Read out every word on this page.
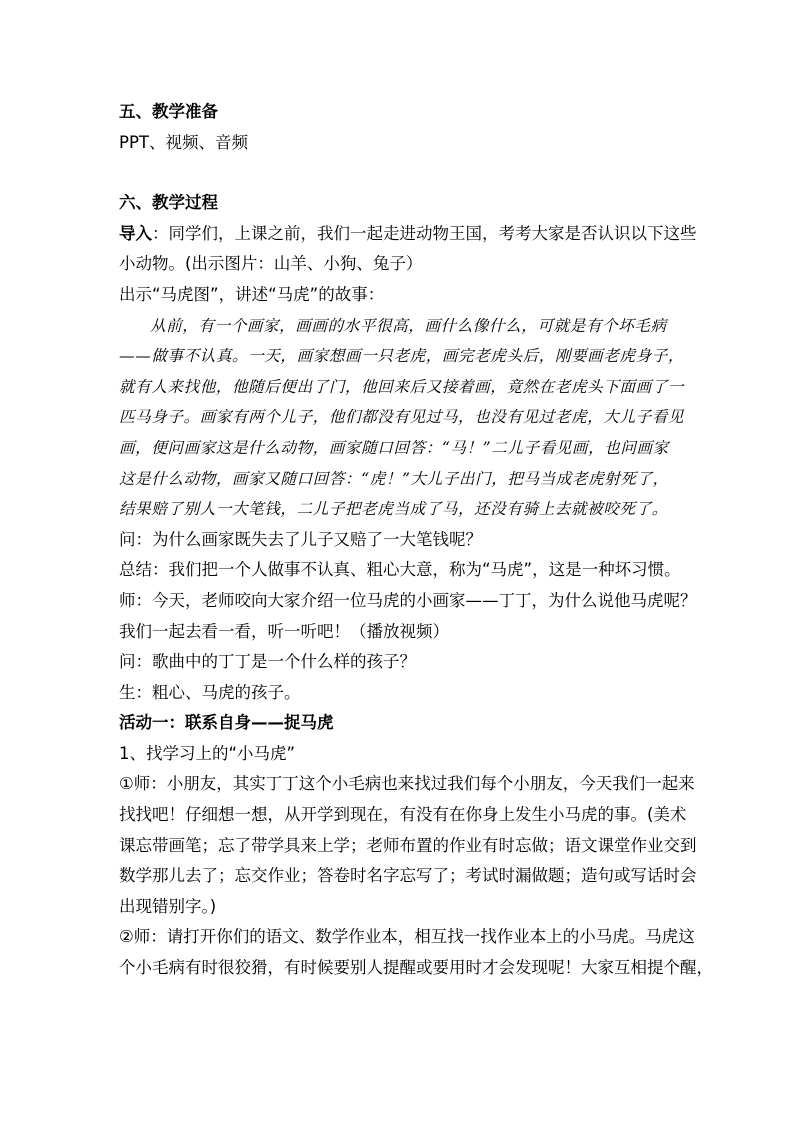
五、教学准备
PPT、视频、音频
六、教学过程
导入：同学们，上课之前，我们一起走进动物王国，考考大家是否认识以下这些
小动物。(出示图片：山羊、小狗、兔子）
出示“马虎图”，讲述“马虎”的故事：
从前，有一个画家，画画的水平很高，画什么像什么，可就是有个坏毛病
——做事不认真。一天，画家想画一只老虎，画完老虎头后，刚要画老虎身子，
就有人来找他，他随后便出了门，他回来后又接着画，竟然在老虎头下面画了一
匹马身子。画家有两个儿子，他们都没有见过马，也没有见过老虎，大儿子看见
画，便问画家这是什么动物，画家随口回答：“马！”二儿子看见画，也问画家
这是什么动物，画家又随口回答：“虎！”大儿子出门，把马当成老虎射死了，
结果赔了别人一大笔钱，二儿子把老虎当成了马，还没有骑上去就被咬死了。
问：为什么画家既失去了儿子又赔了一大笔钱呢？
总结：我们把一个人做事不认真、粗心大意，称为“马虎”，这是一种坏习惯。
师：今天，老师咬向大家介绍一位马虎的小画家——丁丁，为什么说他马虎呢？
我们一起去看一看，听一听吧！（播放视频）
问：歌曲中的丁丁是一个什么样的孩子？
生：粗心、马虎的孩子。
活动一：联系自身——捉马虎
1、找学习上的“小马虎”
①师：小朋友，其实丁丁这个小毛病也来找过我们每个小朋友，今天我们一起来
找找吧！仔细想一想，从开学到现在，有没有在你身上发生小马虎的事。(美术
课忘带画笔；忘了带学具来上学；老师布置的作业有时忘做；语文课堂作业交到
数学那儿去了；忘交作业；答卷时名字忘写了；考试时漏做题；造句或写话时会
出现错别字。)
②师：请打开你们的语文、数学作业本，相互找一找作业本上的小马虎。马虎这
个小毛病有时很狡猾，有时候要别人提醒或要用时才会发现呢！大家互相提个醒，
